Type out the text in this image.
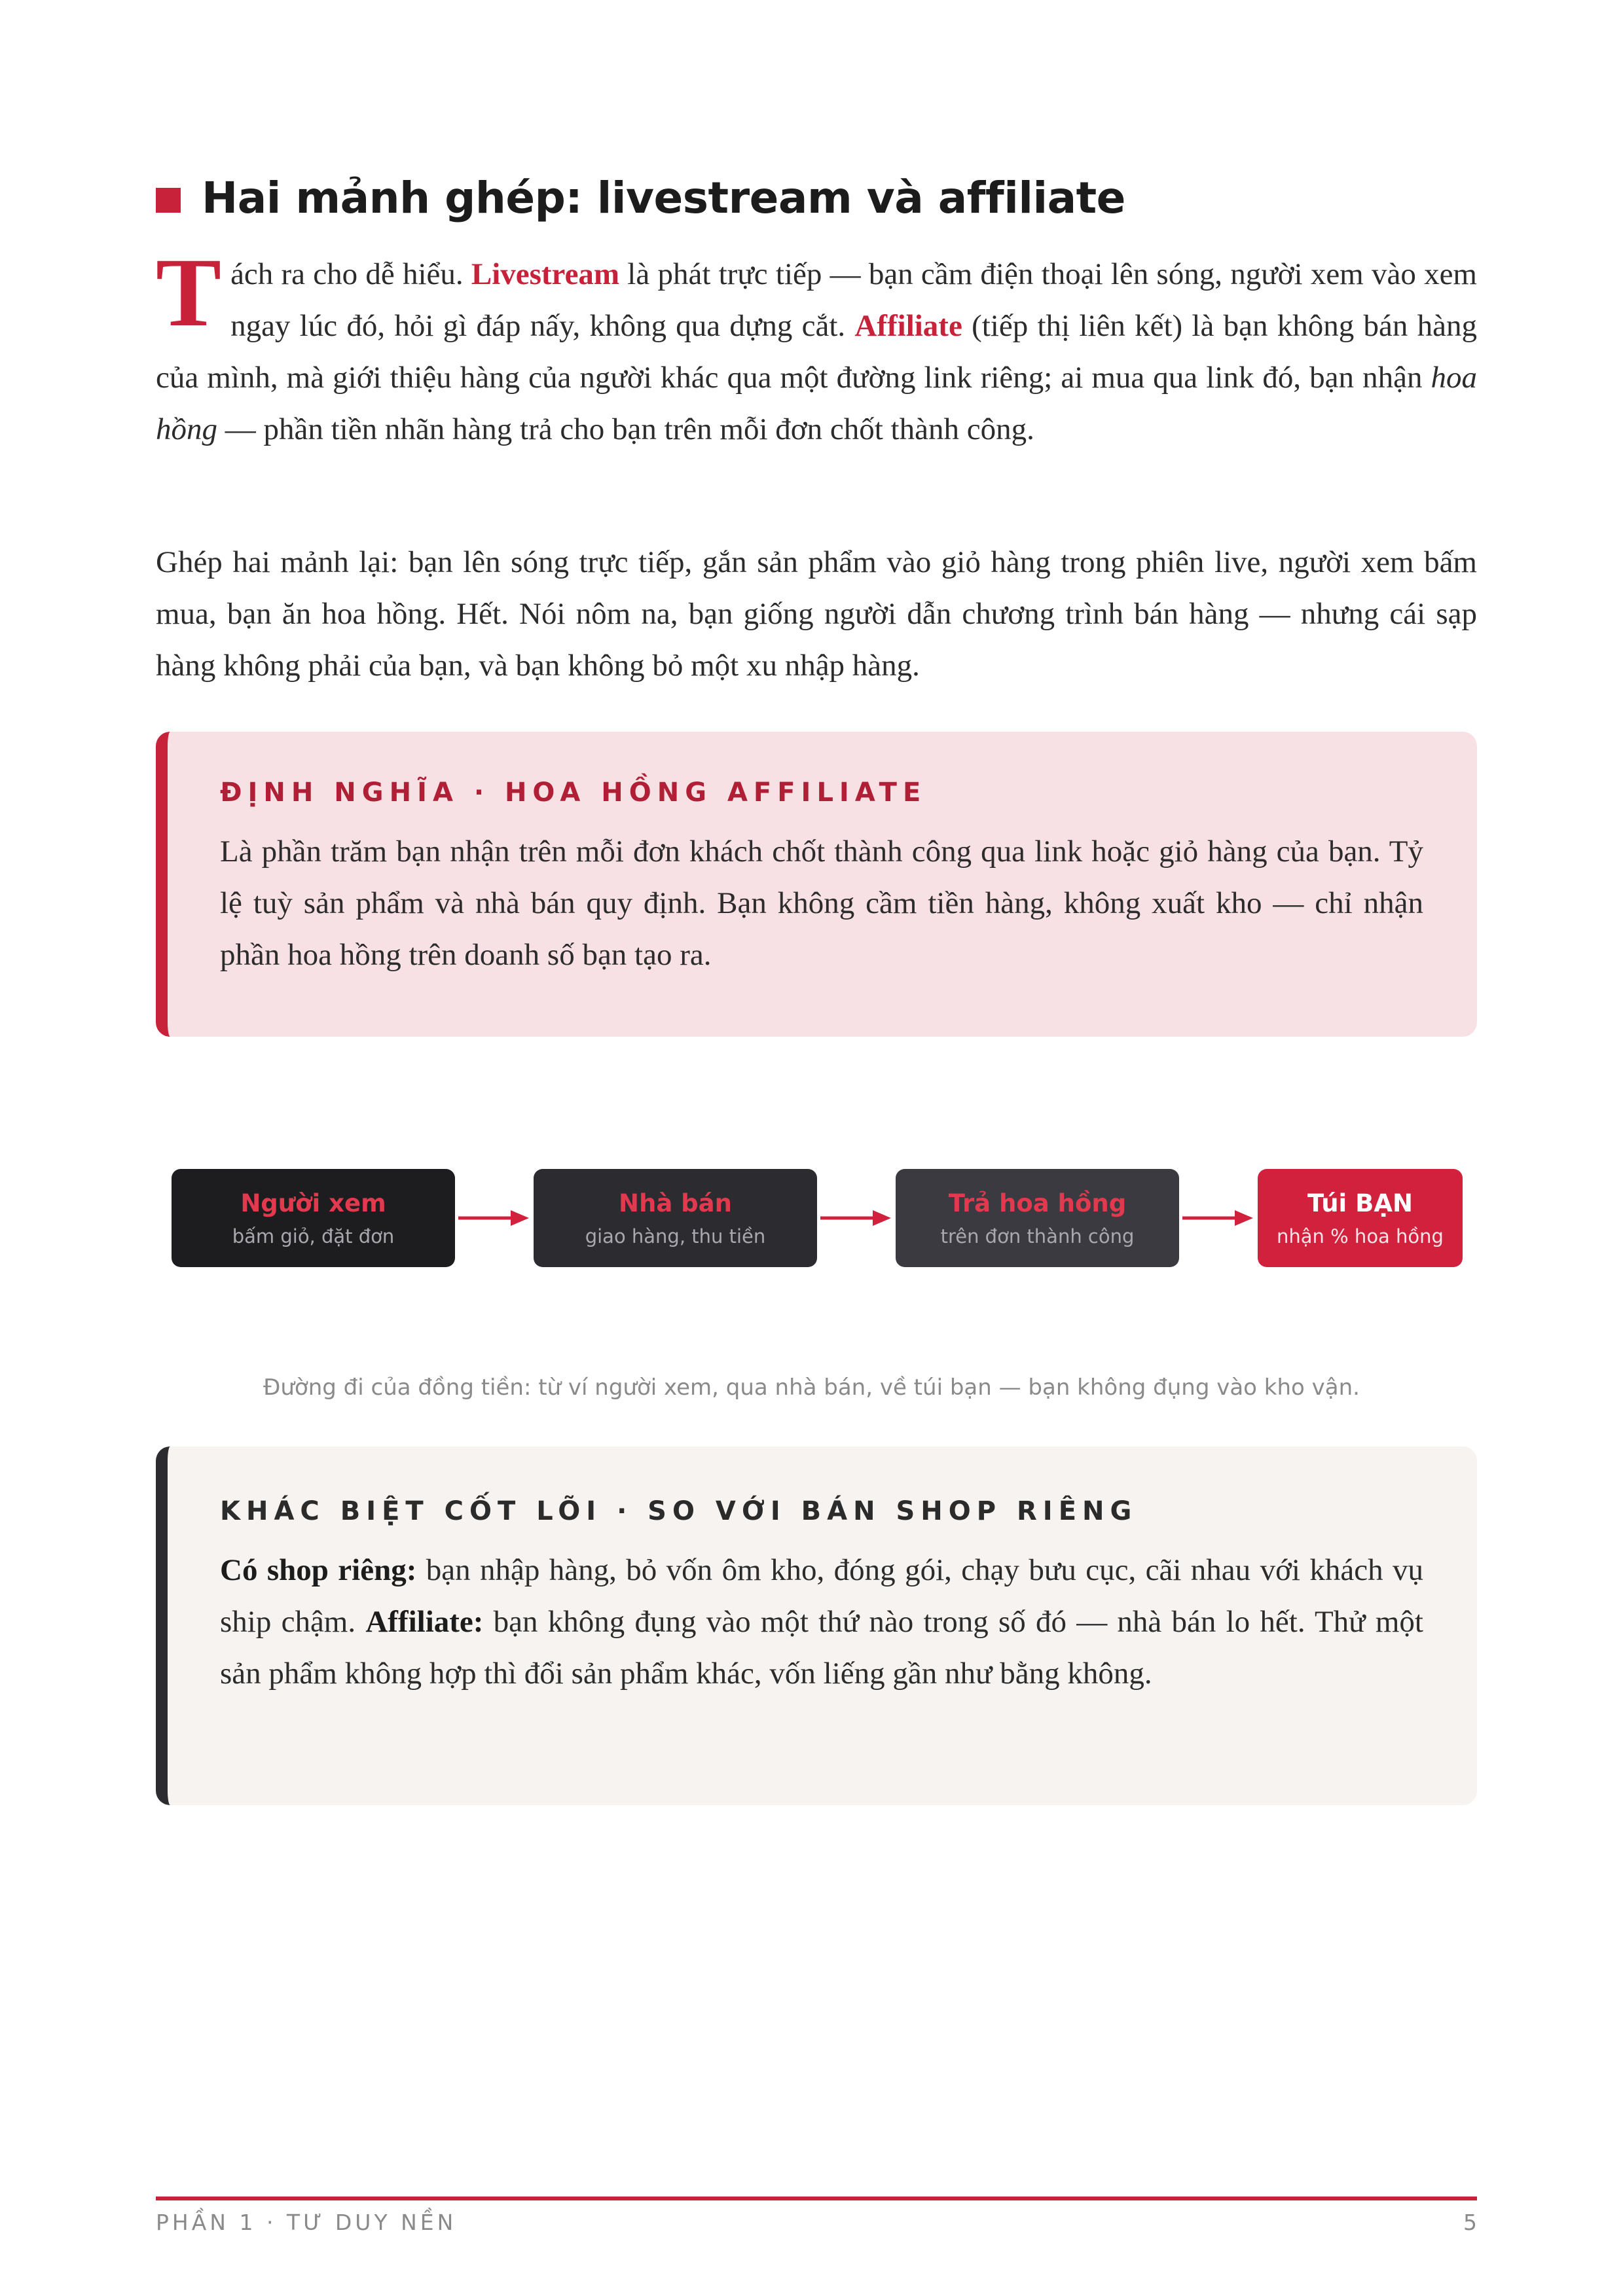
Hai mảnh ghép: livestream và affiliate
Tách ra cho dễ hiểu. Livestream là phát trực tiếp — bạn cầm điện thoại lên sóng, người xem vào xem ngay lúc đó, hỏi gì đáp nấy, không qua dựng cắt. Affiliate (tiếp thị liên kết) là bạn không bán hàng của mình, mà giới thiệu hàng của người khác qua một đường link riêng; ai mua qua link đó, bạn nhận hoa hồng — phần tiền nhãn hàng trả cho bạn trên mỗi đơn chốt thành công.
Ghép hai mảnh lại: bạn lên sóng trực tiếp, gắn sản phẩm vào giỏ hàng trong phiên live, người xem bấm mua, bạn ăn hoa hồng. Hết. Nói nôm na, bạn giống người dẫn chương trình bán hàng — nhưng cái sạp hàng không phải của bạn, và bạn không bỏ một xu nhập hàng.
ĐỊNH NGHĨA · HOA HỒNG AFFILIATE
Là phần trăm bạn nhận trên mỗi đơn khách chốt thành công qua link hoặc giỏ hàng của bạn. Tỷ lệ tuỳ sản phẩm và nhà bán quy định. Bạn không cầm tiền hàng, không xuất kho — chỉ nhận phần hoa hồng trên doanh số bạn tạo ra.
Người xem
bấm giỏ, đặt đơn
Nhà bán
giao hàng, thu tiền
Trả hoa hồng
trên đơn thành công
Túi BẠN
nhận % hoa hồng
Đường đi của đồng tiền: từ ví người xem, qua nhà bán, về túi bạn — bạn không đụng vào kho vận.
KHÁC BIỆT CỐT LÕI · SO VỚI BÁN SHOP RIÊNG
Có shop riêng: bạn nhập hàng, bỏ vốn ôm kho, đóng gói, chạy bưu cục, cãi nhau với khách vụ ship chậm. Affiliate: bạn không đụng vào một thứ nào trong số đó — nhà bán lo hết. Thử một sản phẩm không hợp thì đổi sản phẩm khác, vốn liếng gần như bằng không.
PHẦN 1 · TƯ DUY NỀN	5
